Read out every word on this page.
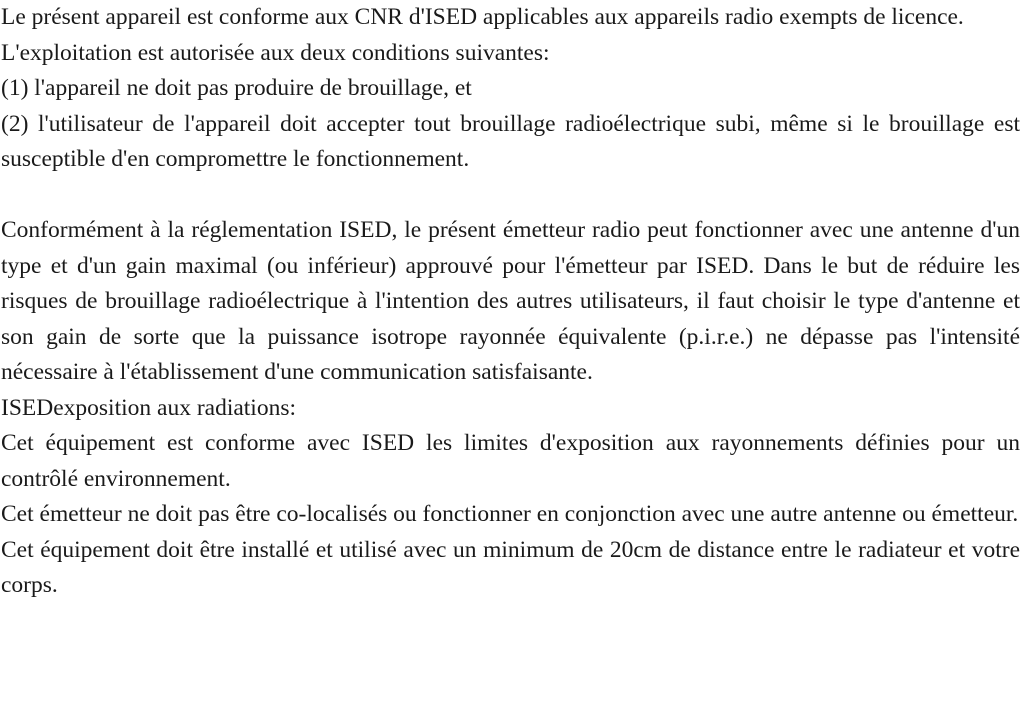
Le présent appareil est conforme aux CNR d'ISED applicables aux appareils radio exempts de licence.

L'exploitation est autorisée aux deux conditions suivantes:

(1) l'appareil ne doit pas produire de brouillage, et

(2) l'utilisateur de l'appareil doit accepter tout brouillage radioélectrique subi, même si le brouillage est susceptible d'en compromettre le fonctionnement.

Conformément à la réglementation ISED, le présent émetteur radio peut fonctionner avec une antenne d'un type et d'un gain maximal (ou inférieur) approuvé pour l'émetteur par ISED. Dans le but de réduire les risques de brouillage radioélectrique à l'intention des autres utilisateurs, il faut choisir le type d'antenne et son gain de sorte que la puissance isotrope rayonnée équivalente (p.i.r.e.) ne dépasse pas l'intensité nécessaire à l'établissement d'une communication satisfaisante.

ISEDexposition aux radiations:

Cet équipement est conforme avec ISED les limites d'exposition aux rayonnements définies pour un contrôlé environnement.

Cet émetteur ne doit pas être co-localisés ou fonctionner en conjonction avec une autre antenne ou émetteur.

Cet équipement doit être installé et utilisé avec un minimum de 20cm de distance entre le radiateur et votre corps.
